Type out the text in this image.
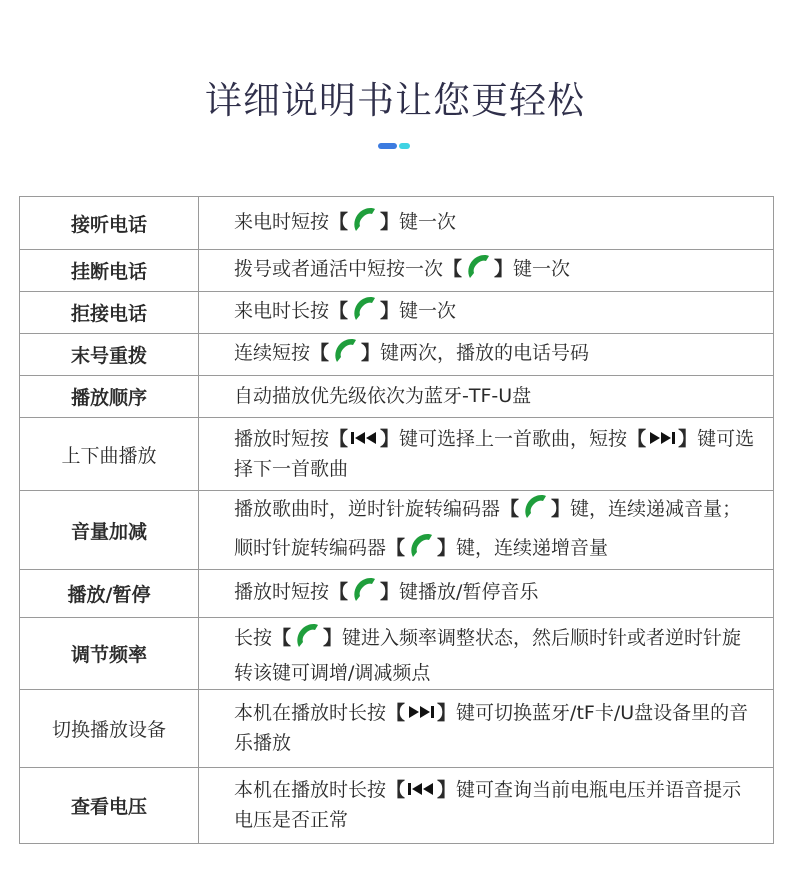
详细说明书让您更轻松
接听电话	来电时短按【 】键一次
挂断电话	拨号或者通活中短按一次【 】键一次
拒接电话	来电时长按【 】键一次
末号重拨	连续短按【 】键两次，播放的电话号码
播放顺序	自动描放优先级依次为蓝牙-TF-U盘
上下曲播放	播放时短按【 】键可选择上一首歌曲，短按【 】键可选择下一首歌曲
音量加减	播放歌曲时，逆时针旋转编码器【 】键，连续递减音量；顺时针旋转编码器【 】键，连续递增音量
播放/暂停	播放时短按【 】键播放/暂停音乐
调节频率	长按【 】键进入频率调整状态，然后顺时针或者逆时针旋转该键可调增/调减频点
切换播放设备	本机在播放时长按【 】键可切换蓝牙/tF卡/U盘设备里的音乐播放
查看电压	本机在播放时长按【 】键可查询当前电瓶电压并语音提示电压是否正常
